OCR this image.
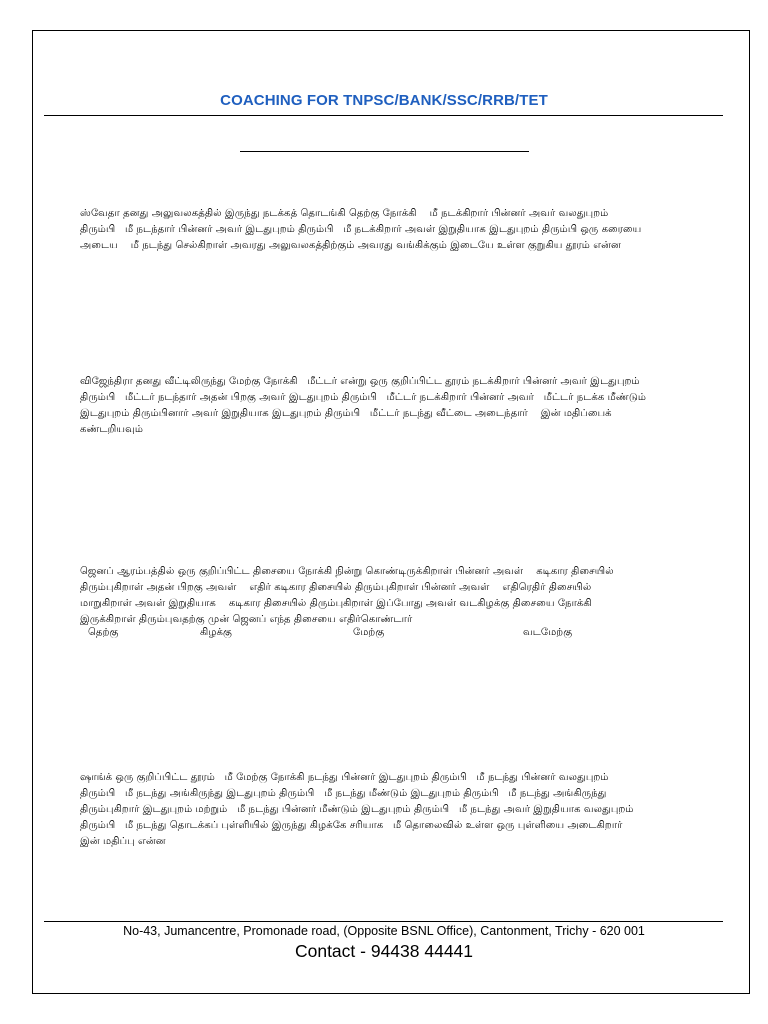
COACHING FOR TNPSC/BANK/SSC/RRB/TET
ஸ்வேதா தனது அலுவலகத்தில் இருந்து நடக்கத் தொடங்கி தெற்கு நோக்கி    மீ நடக்கிறார் பின்னர் அவர் வலதுபுறம்
திரும்பி   மீ நடந்தார் பின்னர் அவர் இடதுபுறம் திரும்பி   மீ நடக்கிறார் அவள் இறுதியாக இடதுபுறம் திரும்பி ஒரு கரையை
அடைய    மீ நடந்து செல்கிறாள் அவரது அலுவலகத்திற்கும் அவரது வங்கிக்கும் இடையே உள்ள குறுகிய தூரம் என்ன
விஜேந்திரா தனது வீட்டிலிருந்து மேற்கு நோக்கி   மீட்டர் என்று ஒரு குறிப்பிட்ட தூரம் நடக்கிறார் பின்னர் அவர் இடதுபுறம்
திரும்பி   மீட்டர் நடந்தார் அதன் பிறகு அவர் இடதுபுறம் திரும்பி   மீட்டர் நடக்கிறார் பின்னர் அவர்   மீட்டர் நடக்க மீண்டும்
இடதுபுறம் திரும்பினார் அவர் இறுதியாக இடதுபுறம் திரும்பி   மீட்டர் நடந்து வீட்டை அடைந்தார்    இன் மதிப்பைக்
கண்டறியவும்
ஜெனப் ஆரம்பத்தில் ஒரு குறிப்பிட்ட திசையை நோக்கி நின்று கொண்டிருக்கிறாள் பின்னர் அவள்    கடிகார திசையில்
திரும்புகிறாள் அதன் பிறகு அவள்    எதிர் கடிகார திசையில் திரும்புகிறாள் பின்னர் அவள்    எதிரெதிர் திசையில்
மாறுகிறாள் அவள் இறுதியாக    கடிகார திசையில் திரும்புகிறாள் இப்போது அவள் வடகிழக்கு திசையை நோக்கி
இருக்கிறாள் திரும்புவதற்கு முன் ஜெனப் எந்த திசையை எதிர்கொண்டார்
தெற்கு	கிழக்கு	மேற்கு	வடமேற்கு
ஷாங்க் ஒரு குறிப்பிட்ட தூரம்   மீ மேற்கு நோக்கி நடந்து பின்னர் இடதுபுறம் திரும்பி   மீ நடந்து பின்னர் வலதுபுறம்
திரும்பி   மீ நடந்து அங்கிருந்து இடதுபுறம் திரும்பி   மீ நடந்து மீண்டும் இடதுபுறம் திரும்பி   மீ நடந்து அங்கிருந்து
திரும்புகிறார் இடதுபுறம் மற்றும்   மீ நடந்து பின்னர் மீண்டும் இடதுபுறம் திரும்பி   மீ நடந்து அவர் இறுதியாக வலதுபுறம்
திரும்பி   மீ நடந்து தொடக்கப் புள்ளியில் இருந்து கிழக்கே சரியாக   மீ தொலைவில் உள்ள ஒரு புள்ளியை அடைகிறார்
இன் மதிப்பு என்ன
No-43, Jumancentre, Promonade road, (Opposite BSNL Office), Cantonment, Trichy - 620 001
Contact - 94438 44441
